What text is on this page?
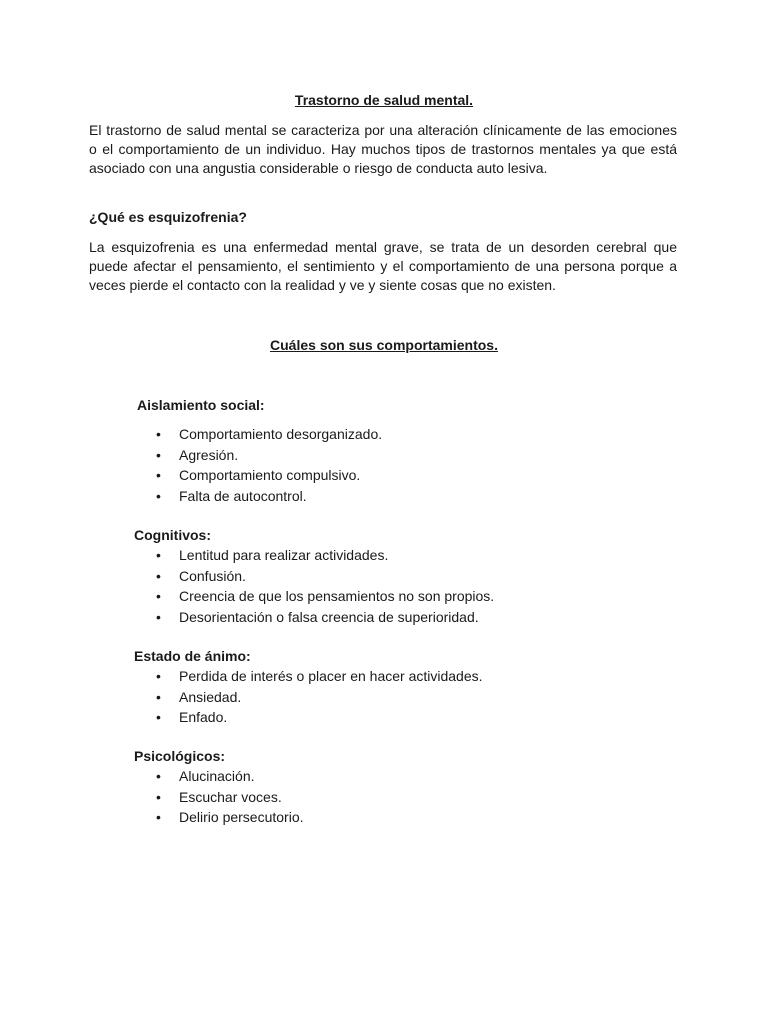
Trastorno de salud mental.

El trastorno de salud mental se caracteriza por una alteración clínicamente de las emociones o el comportamiento de un individuo. Hay muchos tipos de trastornos mentales ya que está asociado con una angustia considerable o riesgo de conducta auto lesiva.

¿Qué es esquizofrenia?

La esquizofrenia es una enfermedad mental grave, se trata de un desorden cerebral que puede afectar el pensamiento, el sentimiento y el comportamiento de una persona porque a veces pierde el contacto con la realidad y ve y siente cosas que no existen.

Cuáles son sus comportamientos.
Aislamiento social:
• Comportamiento desorganizado.
• Agresión.
• Comportamiento compulsivo.
• Falta de autocontrol.
Cognitivos:
• Lentitud para realizar actividades.
• Confusión.
• Creencia de que los pensamientos no son propios.
• Desorientación o falsa creencia de superioridad.
Estado de ánimo:
• Perdida de interés o placer en hacer actividades.
• Ansiedad.
• Enfado.
Psicológicos:
• Alucinación.
• Escuchar voces.
• Delirio persecutorio.
